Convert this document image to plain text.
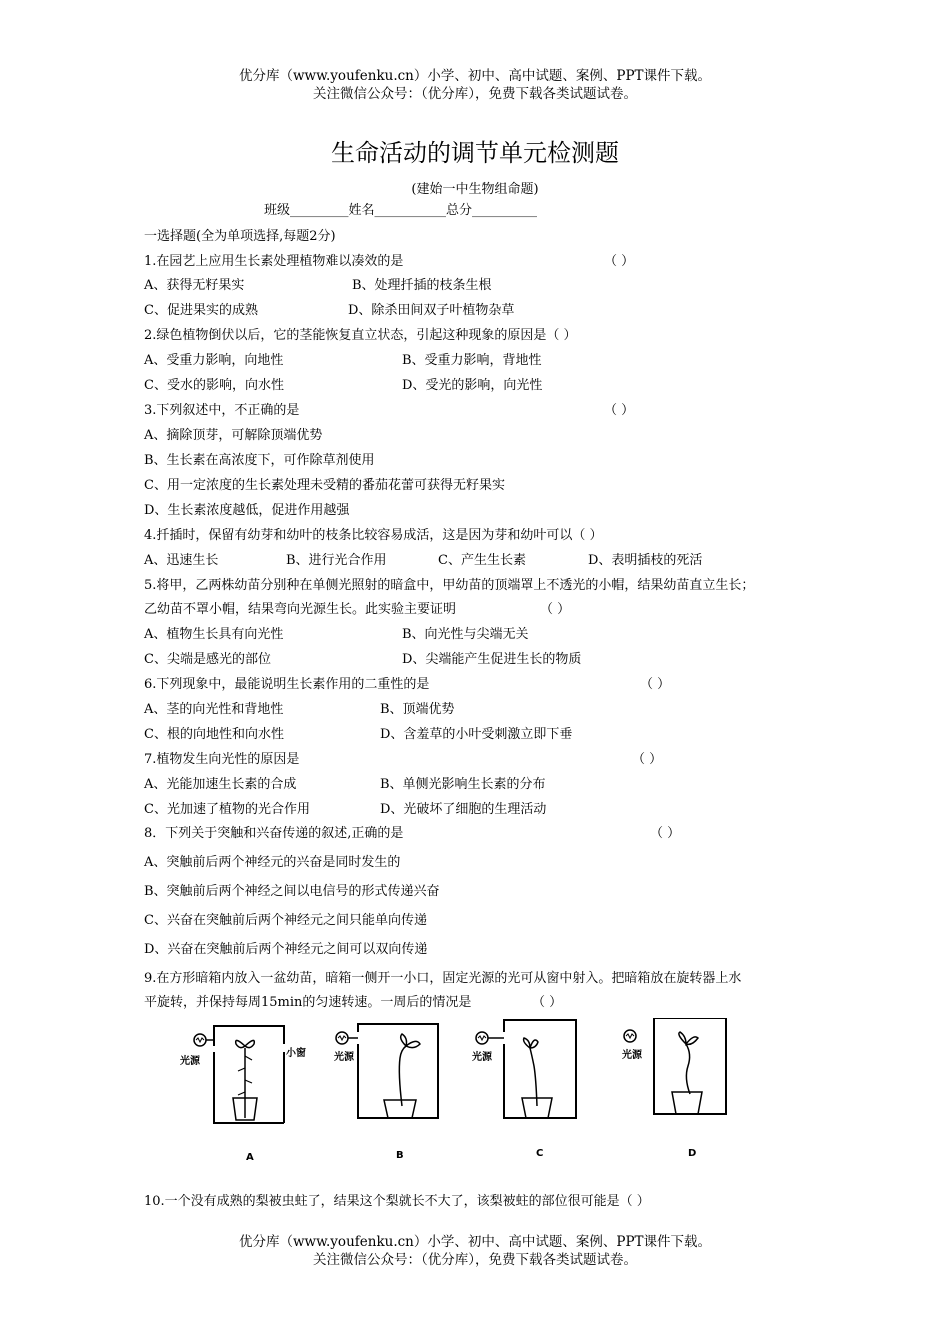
优分库（www.youfenku.cn）小学、初中、高中试题、案例、PPT课件下载。
关注微信公众号：（优分库），免费下载各类试题试卷。
生命活动的调节单元检测题
(建始一中生物组命题)
班级_________姓名___________总分__________
一选择题(全为单项选择,每题2分)
1.在园艺上应用生长素处理植物难以凑效的是	（ ）
A、获得无籽果实	B、处理扦插的枝条生根
C、促进果实的成熟	D、除杀田间双子叶植物杂草
2.绿色植物倒伏以后，它的茎能恢复直立状态，引起这种现象的原因是（ ）
A、受重力影响，向地性	B、受重力影响，背地性
C、受水的影响，向水性	D、受光的影响，向光性
3.下列叙述中，不正确的是	（ ）
A、摘除顶芽，可解除顶端优势
B、生长素在高浓度下，可作除草剂使用
C、用一定浓度的生长素处理未受精的番茄花蕾可获得无籽果实
D、生长素浓度越低，促进作用越强
4.扦插时，保留有幼芽和幼叶的枝条比较容易成活，这是因为芽和幼叶可以（ ）
A、迅速生长	B、进行光合作用	C、产生生长素	D、表明插枝的死活
5.将甲，乙两株幼苗分别种在单侧光照射的暗盒中，甲幼苗的顶端罩上不透光的小帽，结果幼苗直立生长；
乙幼苗不罩小帽，结果弯向光源生长。此实验主要证明	（ ）
A、植物生长具有向光性	B、向光性与尖端无关
C、尖端是感光的部位	D、尖端能产生促进生长的物质
6.下列现象中，最能说明生长素作用的二重性的是	（ ）
A、茎的向光性和背地性	B、顶端优势
C、根的向地性和向水性	D、含羞草的小叶受刺激立即下垂
7.植物发生向光性的原因是	（ ）
A、光能加速生长素的合成	B、单侧光影响生长素的分布
C、光加速了植物的光合作用	D、光破坏了细胞的生理活动
8．下列关于突触和兴奋传递的叙述,正确的是	（ ）
A、突触前后两个神经元的兴奋是同时发生的
B、突触前后两个神经之间以电信号的形式传递兴奋
C、兴奋在突触前后两个神经元之间只能单向传递
D、兴奋在突触前后两个神经元之间可以双向传递
9.在方形暗箱内放入一盆幼苗，暗箱一侧开一小口，固定光源的光可从窗中射入。把暗箱放在旋转器上水
平旋转，并保持每周15min的匀速转速。一周后的情况是	（ ）
光源
小窗	光源	光源	光源
A	B	C	D
10.一个没有成熟的梨被虫蛀了，结果这个梨就长不大了，该梨被蛀的部位很可能是（ ）
优分库（www.youfenku.cn）小学、初中、高中试题、案例、PPT课件下载。
关注微信公众号：（优分库），免费下载各类试题试卷。
